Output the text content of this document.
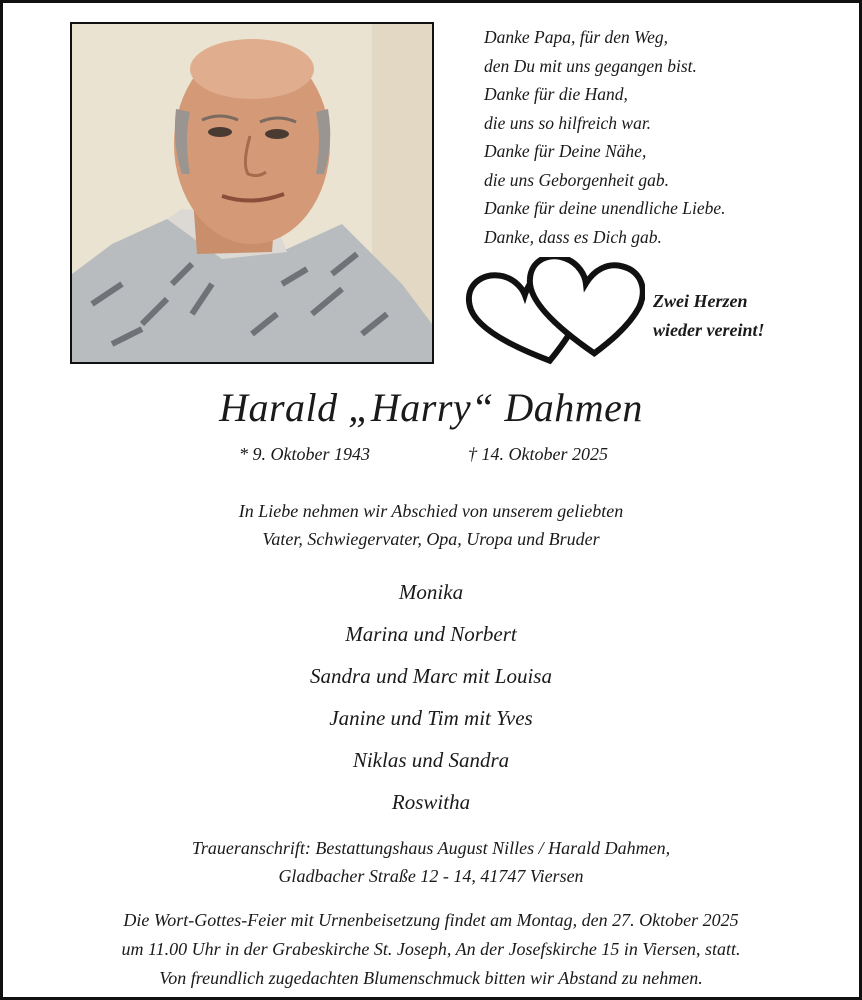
Danke Papa, für den Weg,
den Du mit uns gegangen bist.
Danke für die Hand,
die uns so hilfreich war.
Danke für Deine Nähe,
die uns Geborgenheit gab.
Danke für deine unendliche Liebe.
Danke, dass es Dich gab.
Zwei Herzen
wieder vereint!
Harald „Harry“ Dahmen
* 9. Oktober 1943	† 14. Oktober 2025
In Liebe nehmen wir Abschied von unserem geliebten
Vater, Schwiegervater, Opa, Uropa und Bruder
Monika
Marina und Norbert
Sandra und Marc mit Louisa
Janine und Tim mit Yves
Niklas und Sandra
Roswitha
Traueranschrift: Bestattungshaus August Nilles / Harald Dahmen,
Gladbacher Straße 12 - 14, 41747 Viersen
Die Wort-Gottes-Feier mit Urnenbeisetzung findet am Montag, den 27. Oktober 2025
um 11.00 Uhr in der Grabeskirche St. Joseph, An der Josefskirche 15 in Viersen, statt.
Von freundlich zugedachten Blumenschmuck bitten wir Abstand zu nehmen.
